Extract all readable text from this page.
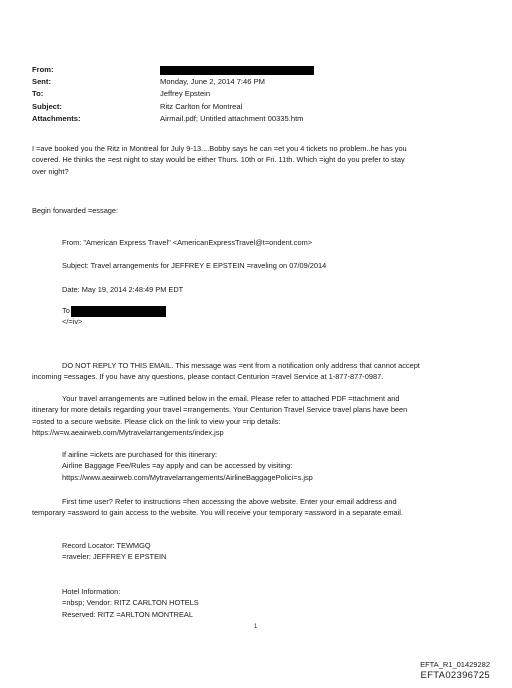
From:
Sent:	Monday, June 2, 2014 7:46 PM
To:	Jeffrey Epstein
Subject:	Ritz Carlton for Montreal
Attachments:	Airmail.pdf; Untitled attachment 00335.htm
I =ave booked you the Ritz in Montreal for July 9-13....Bobby says he can =et you 4 tickets no problem..he has you
covered. He thinks the =est night to stay would be either Thurs. 10th or Fri. 11th. Which =ight do you prefer to stay
over night?
Begin forwarded =essage:
From: "American Express Travel" <AmericanExpressTravel@t=ondent.com>
Subject: Travel arrangements for JEFFREY E EPSTEIN =raveling on 07/09/2014
Date: May 19, 2014 2:48:49 PM EDT
To
</=iv>
DO NOT REPLY TO THIS EMAIL. This message was =ent from a notification only address that cannot accept
incoming =essages. If you have any questions, please contact Centurion =ravel Service at 1-877-877-0987.
Your travel arrangements are =utlined below in the email. Please refer to attached PDF =ttachment and
itinerary for more details regarding your travel =rrangements. Your Centurion Travel Service travel plans have been
=osted to a secure website. Please click on the link to view your =rip details:
https://w=w.aeairweb.com/Mytravelarrangements/index.jsp
If airline =ickets are purchased for this itinerary:
Airline Baggage Fee/Rules =ay apply and can be accessed by visiting:
https://www.aeairweb.com/Mytravelarrangements/AirlineBaggagePolici=s.jsp
First time user? Refer to instructions =hen accessing the above website. Enter your email address and
temporary =assword to gain access to the website. You will receive your temporary =assword in a separate email.
Record Locator: TEWMGQ
=raveler: JEFFREY E EPSTEIN
Hotel Information:
=nbsp; Vendor: RITZ CARLTON HOTELS
Reserved: RITZ =ARLTON MONTREAL
1
EFTA_R1_01429282
EFTA02396725
